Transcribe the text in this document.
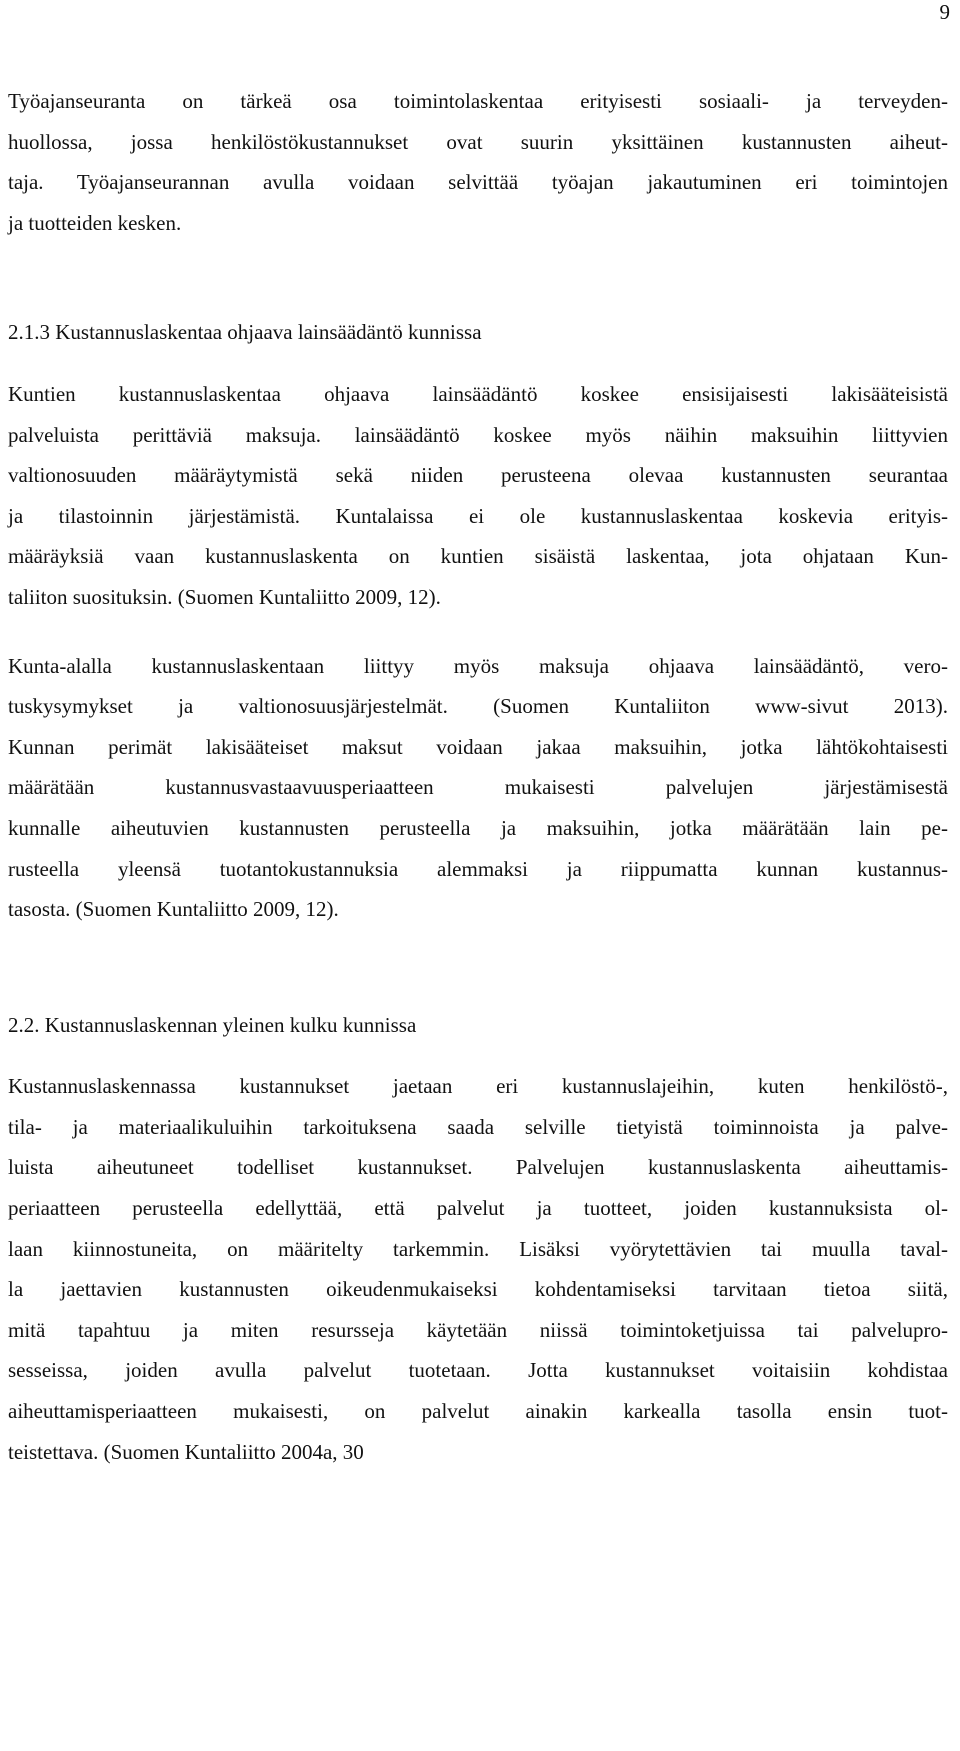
9

Työajanseuranta on tärkeä osa toimintolaskentaa erityisesti sosiaali- ja terveyden-
huollossa, jossa henkilöstökustannukset ovat suurin yksittäinen kustannusten aiheut-
taja. Työajanseurannan avulla voidaan selvittää työajan jakautuminen eri toimintojen
ja tuotteiden kesken.

2.1.3 Kustannuslaskentaa ohjaava lainsäädäntö kunnissa

Kuntien kustannuslaskentaa ohjaava lainsäädäntö koskee ensisijaisesti lakisääteisistä
palveluista perittäviä maksuja. lainsäädäntö koskee myös näihin maksuihin liittyvien
valtionosuuden määräytymistä sekä niiden perusteena olevaa kustannusten seurantaa
ja tilastoinnin järjestämistä. Kuntalaissa ei ole kustannuslaskentaa koskevia erityis-
määräyksiä vaan kustannuslaskenta on kuntien sisäistä laskentaa, jota ohjataan Kun-
taliiton suosituksin. (Suomen Kuntaliitto 2009, 12).

Kunta-alalla kustannuslaskentaan liittyy myös maksuja ohjaava lainsäädäntö, vero-
tuskysymykset ja valtionosuusjärjestelmät. (Suomen Kuntaliiton www-sivut 2013).
Kunnan perimät lakisääteiset maksut voidaan jakaa maksuihin, jotka lähtökohtaisesti
määrätään kustannusvastaavuusperiaatteen mukaisesti palvelujen järjestämisestä
kunnalle aiheutuvien kustannusten perusteella ja maksuihin, jotka määrätään lain pe-
rusteella yleensä tuotantokustannuksia alemmaksi ja riippumatta kunnan kustannus-
tasosta. (Suomen Kuntaliitto 2009, 12).

2.2. Kustannuslaskennan yleinen kulku kunnissa

Kustannuslaskennassa kustannukset jaetaan eri kustannuslajeihin, kuten henkilöstö-,
tila- ja materiaalikuluihin tarkoituksena saada selville tietyistä toiminnoista ja palve-
luista aiheutuneet todelliset kustannukset. Palvelujen kustannuslaskenta aiheuttamis-
periaatteen perusteella edellyttää, että palvelut ja tuotteet, joiden kustannuksista ol-
laan kiinnostuneita, on määritelty tarkemmin. Lisäksi vyörytettävien tai muulla taval-
la jaettavien kustannusten oikeudenmukaiseksi kohdentamiseksi tarvitaan tietoa siitä,
mitä tapahtuu ja miten resursseja käytetään niissä toimintoketjuissa tai palvelupro-
sesseissa, joiden avulla palvelut tuotetaan. Jotta kustannukset voitaisiin kohdistaa
aiheuttamisperiaatteen mukaisesti, on palvelut ainakin karkealla tasolla ensin tuot-
teistettava. (Suomen Kuntaliitto 2004a, 30
